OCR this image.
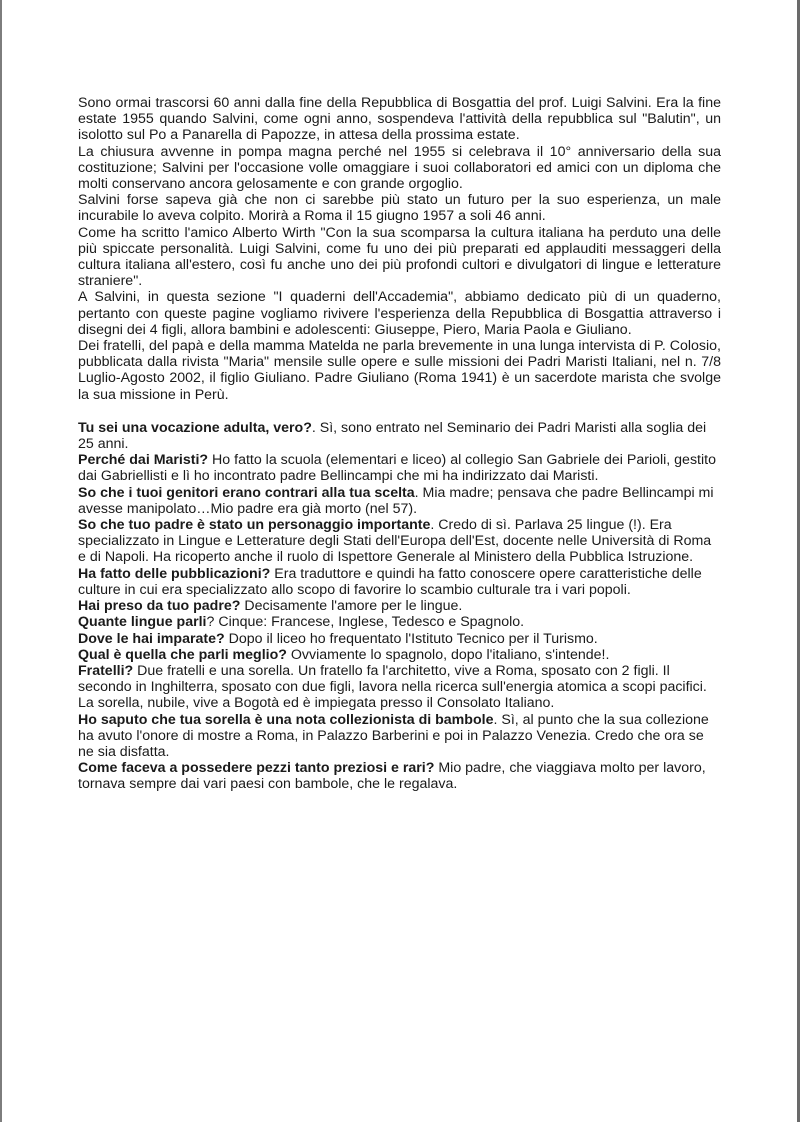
Sono ormai trascorsi 60 anni dalla fine della Repubblica di Bosgattia del prof. Luigi Salvini. Era la fine estate 1955 quando Salvini, come ogni anno, sospendeva l'attività della repubblica sul "Balutin", un isolotto sul Po a Panarella di Papozze, in attesa della prossima estate.

La chiusura avvenne in pompa magna perché nel 1955 si celebrava il 10° anniversario della sua costituzione; Salvini per l'occasione volle omaggiare i suoi collaboratori ed amici con un diploma che molti conservano ancora gelosamente e con grande orgoglio.

Salvini forse sapeva già che non ci sarebbe più stato un futuro per la suo esperienza, un male incurabile lo aveva colpito. Morirà a Roma il 15 giugno 1957 a soli 46 anni.

Come ha scritto l'amico Alberto Wirth "Con la sua scomparsa la cultura italiana ha perduto una delle più spiccate personalità. Luigi Salvini, come fu uno dei più preparati ed applauditi messaggeri della cultura italiana all'estero, così fu anche uno dei più profondi cultori e divulgatori di lingue e letterature straniere".

A Salvini, in questa sezione "I quaderni dell'Accademia", abbiamo dedicato più di un quaderno, pertanto con queste pagine vogliamo rivivere l'esperienza della Repubblica di Bosgattia attraverso i disegni dei 4 figli, allora bambini e adolescenti: Giuseppe, Piero, Maria Paola e Giuliano.

Dei fratelli, del papà e della mamma Matelda ne parla brevemente in una lunga intervista di P. Colosio, pubblicata dalla rivista "Maria" mensile sulle opere e sulle missioni dei Padri Maristi Italiani, nel n. 7/8 Luglio-Agosto 2002, il figlio Giuliano. Padre Giuliano (Roma 1941) è un sacerdote marista che svolge la sua missione in Perù.

Tu sei una vocazione adulta, vero?. Sì, sono entrato nel Seminario dei Padri Maristi alla soglia dei 25 anni.

Perché dai Maristi? Ho fatto la scuola (elementari e liceo) al collegio San Gabriele dei Parioli, gestito dai Gabriellisti e lì ho incontrato padre Bellincampi che mi ha indirizzato dai Maristi.

So che i tuoi genitori erano contrari alla tua scelta. Mia madre; pensava che padre Bellincampi mi avesse manipolato…Mio padre era già morto (nel 57).

So che tuo padre è stato un personaggio importante. Credo di sì. Parlava 25 lingue (!). Era specializzato in Lingue e Letterature degli Stati dell'Europa dell'Est, docente nelle Università di Roma e di Napoli. Ha ricoperto anche il ruolo di Ispettore Generale al Ministero della Pubblica Istruzione.

Ha fatto delle pubblicazioni? Era traduttore e quindi ha fatto conoscere opere caratteristiche delle culture in cui era specializzato allo scopo di favorire lo scambio culturale tra i vari popoli.

Hai preso da tuo padre? Decisamente l'amore per le lingue.

Quante lingue parli? Cinque: Francese, Inglese, Tedesco e Spagnolo.

Dove le hai imparate? Dopo il liceo ho frequentato l'Istituto Tecnico per il Turismo.

Qual è quella che parli meglio? Ovviamente lo spagnolo, dopo l'italiano, s'intende!.

Fratelli? Due fratelli e una sorella. Un fratello fa l'architetto, vive a Roma, sposato con 2 figli. Il secondo in Inghilterra, sposato con due figli, lavora nella ricerca sull'energia atomica a scopi pacifici. La sorella, nubile, vive a Bogotà ed è impiegata presso il Consolato Italiano.

Ho saputo che tua sorella è una nota collezionista di bambole. Sì, al punto che la sua collezione ha avuto l'onore di mostre a Roma, in Palazzo Barberini e poi in Palazzo Venezia. Credo che ora se ne sia disfatta.

Come faceva a possedere pezzi tanto preziosi e rari? Mio padre, che viaggiava molto per lavoro, tornava sempre dai vari paesi con bambole, che le regalava.
